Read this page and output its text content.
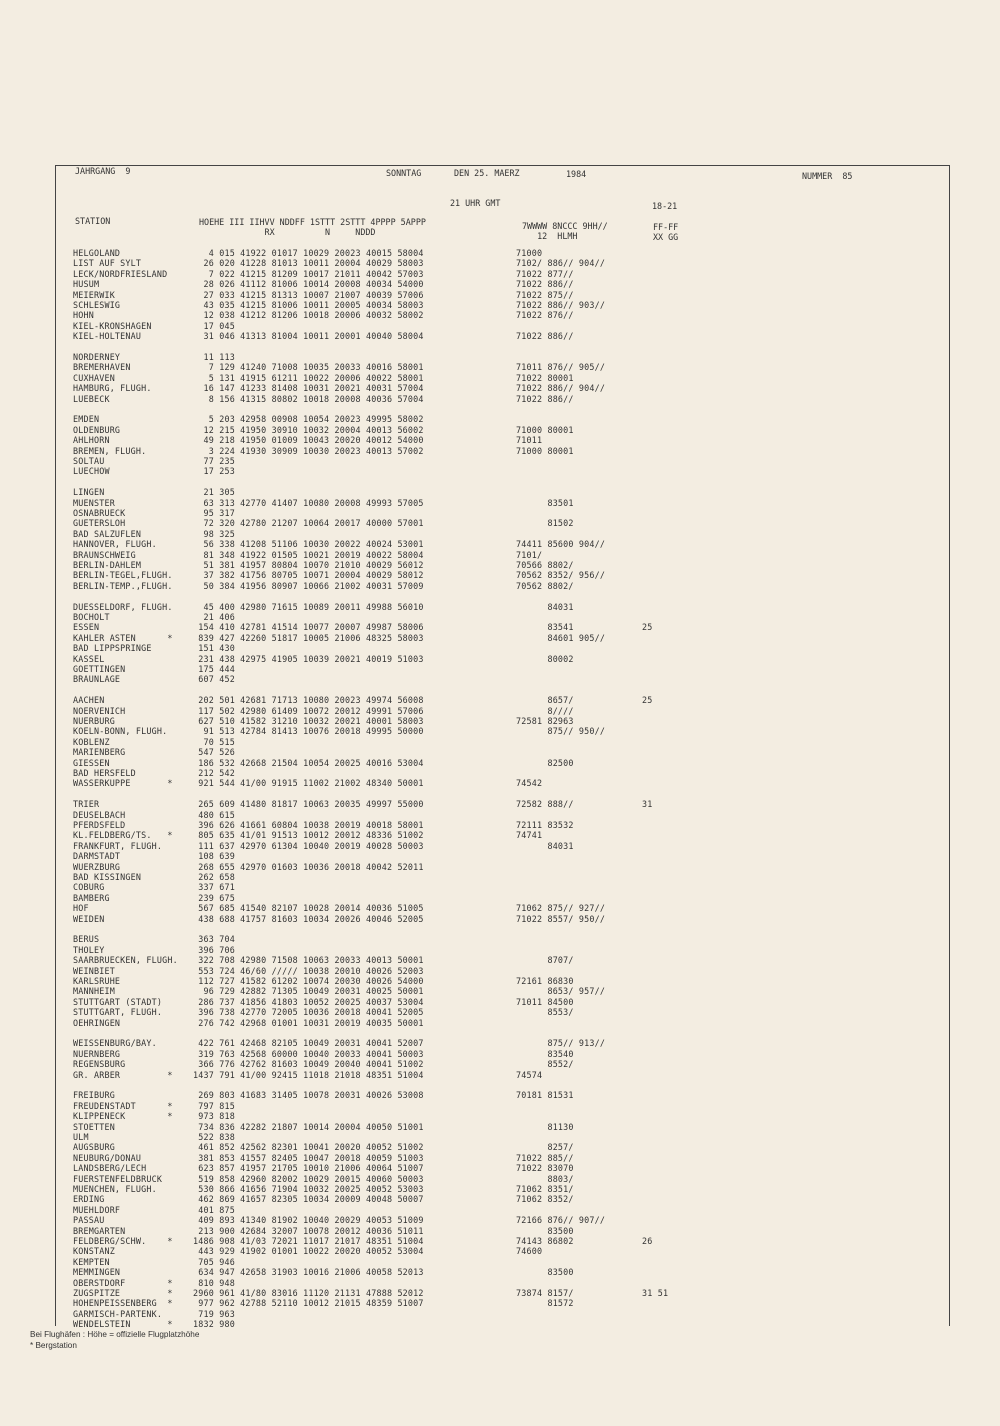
JAHRGANG  9	SONNTAG	DEN 25. MAERZ	1984	NUMMER  85
21 UHR GMT	18-21
STATION	HOEHE III IIHVV NDDFF 1STTT 2STTT 4PPPP 5APPP
RX          N     NDDD
7WWWW 8NCCC 9HH//
12  HLMH
FF-FF
XX GG
HELGOLAND	4 015 41922 01017 10029 20023 40015 58004	71000
LIST AUF SYLT	26 020 41228 81013 10011 20004 40029 58003	7102/ 886// 904//
LECK/NORDFRIESLAND	7 022 41215 81209 10017 21011 40042 57003	71022 877//
HUSUM	28 026 41112 81006 10014 20008 40034 54000	71022 886//
MEIERWIK	27 033 41215 81313 10007 21007 40039 57006	71022 875//
SCHLESWIG	43 035 41215 81006 10011 20005 40034 58003	71022 886// 903//
HOHN	12 038 41212 81206 10018 20006 40032 58002	71022 876//
KIEL-KRONSHAGEN	17 045
KIEL-HOLTENAU	31 046 41313 81004 10011 20001 40040 58004	71022 886//
NORDERNEY	11 113
BREMERHAVEN	7 129 41240 71008 10035 20033 40016 58001	71011 876// 905//
CUXHAVEN	5 131 41915 61211 10022 20006 40022 58001	71022 80001
HAMBURG, FLUGH.	16 147 41233 81408 10031 20021 40031 57004	71022 886// 904//
LUEBECK	8 156 41315 80802 10018 20008 40036 57004	71022 886//
EMDEN	5 203 42958 00908 10054 20023 49995 58002
OLDENBURG	12 215 41950 30910 10032 20004 40013 56002	71000 80001
AHLHORN	49 218 41950 01009 10043 20020 40012 54000	71011
BREMEN, FLUGH.	3 224 41930 30909 10030 20023 40013 57002	71000 80001
SOLTAU	77 235
LUECHOW	17 253
LINGEN	21 305
MUENSTER	63 313 42770 41407 10080 20008 49993 57005	83501
OSNABRUECK	95 317
GUETERSLOH	72 320 42780 21207 10064 20017 40000 57001	81502
BAD SALZUFLEN	98 325
HANNOVER, FLUGH.	56 338 41208 51106 10030 20022 40024 53001	74411 85600 904//
BRAUNSCHWEIG	81 348 41922 01505 10021 20019 40022 58004	7101/
BERLIN-DAHLEM	51 381 41957 80804 10070 21010 40029 56012	70566 8802/
BERLIN-TEGEL,FLUGH. 37 382 41756 80705 10071 20004 40029 58012	70562 8352/ 956//
BERLIN-TEMP.,FLUGH. 50 384 41956 80907 10066 21002 40031 57009	70562 8802/
DUESSELDORF, FLUGH. 45 400 42980 71615 10089 20011 49988 56010	84031
BOCHOLT	21 406
ESSEN	154 410 42781 41514 10077 20007 49987 58006	83541	25
KAHLER ASTEN      * 839 427 42260 51817 10005 21006 48325 58003	84601 905//
BAD LIPPSPRINGE	151 430
KASSEL	231 438 42975 41905 10039 20021 40019 51003	80002
GOETTINGEN	175 444
BRAUNLAGE	607 452
AACHEN	202 501 42681 71713 10080 20023 49974 56008	8657/	25
NOERVENICH	117 502 42980 61409 10072 20012 49991 57006	8////
NUERBURG	627 510 41582 31210 10032 20021 40001 58003	72581 82963
KOELN-BONN, FLUGH.	91 513 42784 81413 10076 20018 49995 50000	875// 950//
KOBLENZ	70 515
MARIENBERG	547 526
GIESSEN	186 532 42668 21504 10054 20025 40016 53004	82500
BAD HERSFELD	212 542
WASSERKUPPE       * 921 544 41/00 91915 11002 21002 48340 50001	74542
TRIER	265 609 41480 81817 10063 20035 49997 55000	72582 888//	31
DEUSELBACH	480 615
PFERDSFELD	396 626 41661 60804 10038 20019 40018 58001	72111 83532
KL.FELDBERG/TS.   * 805 635 41/01 91513 10012 20012 48336 51002	74741
FRANKFURT, FLUGH.	111 637 42970 61304 10040 20019 40028 50003	84031
DARMSTADT	108 639
WUERZBURG	268 655 42970 01603 10036 20018 40042 52011
BAD KISSINGEN	262 658
COBURG	337 671
BAMBERG	239 675
HOF	567 685 41540 82107 10028 20014 40036 51005	71062 875// 927//
WEIDEN	438 688 41757 81603 10034 20026 40046 52005	71022 8557/ 950//
BERUS	363 704
THOLEY	396 706
SAARBRUECKEN, FLUGH. 322 708 42980 71508 10063 20033 40013 50001	8707/
WEINBIET	553 724 46/60 ///// 10038 20010 40026 52003
KARLSRUHE	112 727 41582 61202 10074 20030 40026 54000	72161 86830
MANNHEIM	96 729 42882 71305 10049 20031 40025 50001	8653/ 957//
STUTTGART (STADT)	286 737 41856 41803 10052 20025 40037 53004	71011 84500
STUTTGART, FLUGH.	396 738 42770 72005 10036 20018 40041 52005	8553/
OEHRINGEN	276 742 42968 01001 10031 20019 40035 50001
WEISSENBURG/BAY.	422 761 42468 82105 10049 20031 40041 52007	875// 913//
NUERNBERG	319 763 42568 60000 10040 20033 40041 50003	83540
REGENSBURG	366 776 42762 81603 10049 20040 40041 51002	8552/
GR. ARBER         * 1437 791 41/00 92415 11018 21018 48351 51004	74574
FREIBURG	269 803 41683 31405 10078 20031 40026 53008	70181 81531
FREUDENSTADT      * 797 815
KLIPPENECK        * 973 818
STOETTEN	734 836 42282 21807 10014 20004 40050 51001	81130
ULM	522 838
AUGSBURG	461 852 42562 82301 10041 20020 40052 51002	8257/
NEUBURG/DONAU	381 853 41557 82405 10047 20018 40059 51003	71022 885//
LANDSBERG/LECH	623 857 41957 21705 10010 21006 40064 51007	71022 83070
FUERSTENFELDBRUCK	519 858 42960 82002 10029 20015 40060 50003	8803/
MUENCHEN, FLUGH.	530 866 41656 71904 10032 20025 40052 53003	71062 8351/
ERDING	462 869 41657 82305 10034 20009 40048 50007	71062 8352/
MUEHLDORF	401 875
PASSAU	409 893 41340 81902 10040 20029 40053 51009	72166 876// 907//
BREMGARTEN	213 900 42684 32007 10078 20012 40036 51011	83500
FELDBERG/SCHW.    * 1486 908 41/03 72021 11017 21017 48351 51004	74143 86802	26
KONSTANZ	443 929 41902 01001 10022 20020 40052 53004	74600
KEMPTEN	705 946
MEMMINGEN	634 947 42658 31903 10016 21006 40058 52013	83500
OBERSTDORF        * 810 948
ZUGSPITZE         * 2960 961 41/80 83016 11120 21131 47888 52012	73874 8157/	31 51
HOHENPEISSENBERG  * 977 962 42788 52110 10012 21015 48359 51007	81572
GARMISCH-PARTENK.	719 963
WENDELSTEIN       * 1832 980
Bei Flughäfen : Höhe = offizielle Flugplatzhöhe
* Bergstation
